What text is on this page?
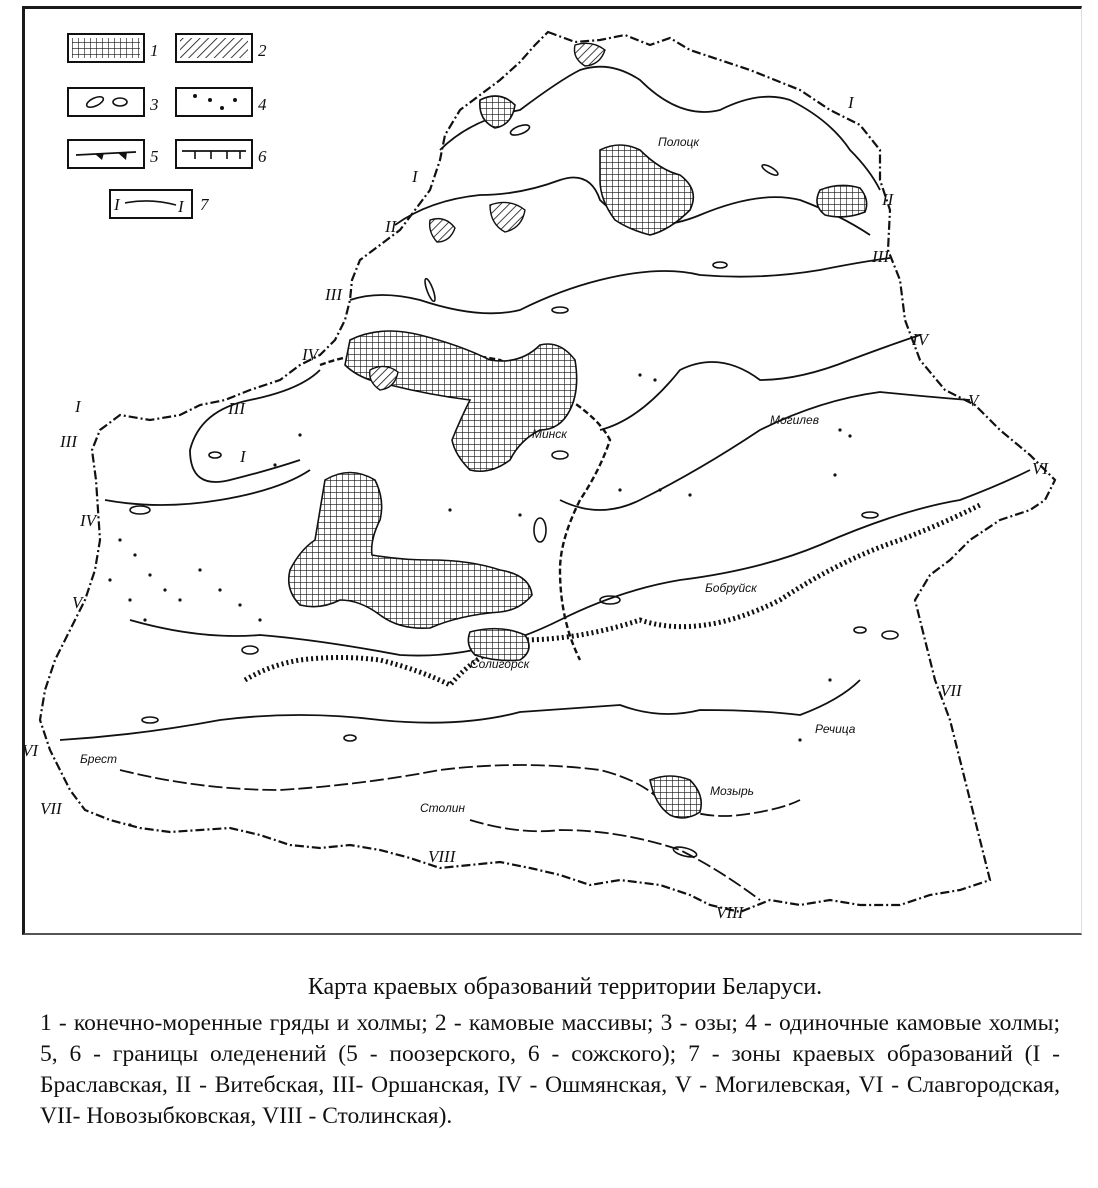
I	I
1	2
3	4
5	6
7
Полоцк
Минск
Могилев
Бобруйск
Солигорск
Речица
Брест
Мозырь
Столин
I
I
I
I
II
II
III
III
III
III
IV
IV
IV
V
V
VI
VI
VII
VII
VIII
VIII

Карта краевых образований территории Беларуси.

1 - конечно-моренные гряды и холмы; 2 - камовые массивы; 3 - озы; 4 - одиночные камовые холмы; 5, 6 - границы оледенений (5 - поозерского, 6 - сожского); 7 - зоны краевых образований (I - Браславская, II - Витебская, III- Оршанская, IV - Ошмянская, V - Могилевская, VI - Славгородская, VII- Новозыбковская, VIII - Столинская).
